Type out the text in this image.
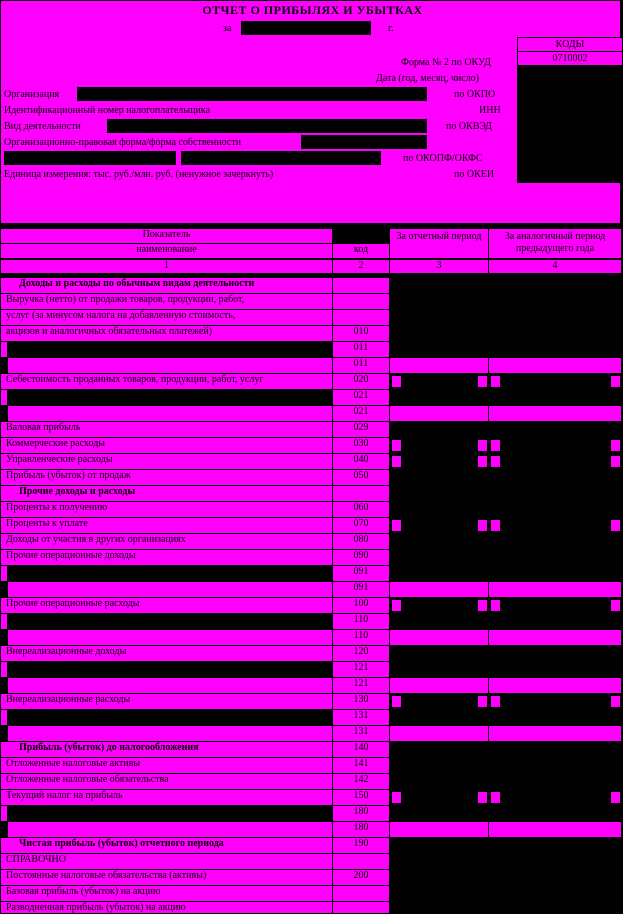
ОТЧЕТ О ПРИБЫЛЯХ И УБЫТКАХ
за	г.
Форма № 2 по ОКУД
Дата (год, месяц, число)
Организация	по ОКПО
Идентификационный номер налогоплательщика	ИНН
Вид деятельности	по ОКВЭД
Организационно-правовая форма/форма собственности
по ОКОПФ/ОКФС
Единица измерения: тыс. руб./млн. руб. (ненужное зачеркнуть)	по ОКЕИ
КОДЫ
0710002
Показатель
наименование	код
За отчетный период	За аналогичный период предыдущего года
1	2	3	4
Доходы и расходы по обычным видам деятельности
Выручка (нетто) от продажи товаров, продукции, работ,
услуг (за минусом налога на добавленную стоимость,
акцизов и аналогичных обязательных платежей)	010
011
011
Себестоимость проданных товаров, продукции, работ, услуг	020
021
021
Валовая прибыль	029
Коммерческие расходы	030
Управленческие расходы	040
Прибыль (убыток) от продаж	050
Прочие доходы и расходы
Проценты к получению	060
Проценты к уплате	070
Доходы от участия в других организациях	080
Прочие операционные доходы	090
091
091
Прочие операционные расходы	100
110
110
Внереализационные доходы	120
121
121
Внереализационные расходы	130
131
131
Прибыль (убыток) до налогообложения	140
Отложенные налоговые активы	141
Отложенные налоговые обязательства	142
Текущий налог на прибыль	150
180
180
Чистая прибыль (убыток) отчетного периода	190
СПРАВОЧНО
Постоянные налоговые обязательства (активы)	200
Базовая прибыль (убыток) на акцию
Разводненная прибыль (убыток) на акцию
